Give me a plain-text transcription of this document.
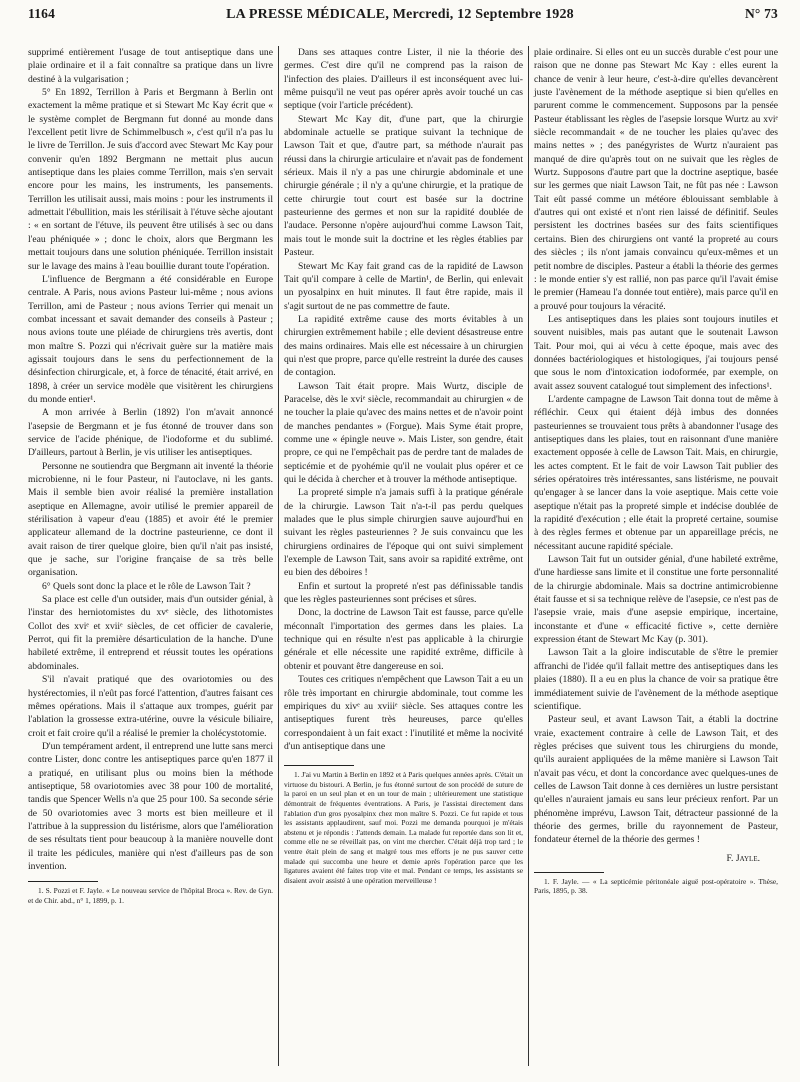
1164	LA PRESSE MÉDICALE, Mercredi, 12 Septembre 1928	N° 73

supprimé entièrement l'usage de tout antiseptique dans une plaie ordinaire et il a fait connaître sa pratique dans un livre destiné à la vulgarisation ;

5° En 1892, Terrillon à Paris et Bergmann à Berlin ont exactement la même pratique et si Stewart Mc Kay écrit que « le système complet de Bergmann fut donné au monde dans l'excellent petit livre de Schimmelbusch », c'est qu'il n'a pas lu le livre de Terrillon. Je suis d'accord avec Stewart Mc Kay pour convenir qu'en 1892 Bergmann ne mettait plus aucun antiseptique dans les plaies comme Terrillon, mais s'en servait encore pour les mains, les instruments, les pansements. Terrillon les utilisait aussi, mais moins : pour les instruments il admettait l'ébullition, mais les stérilisait à l'étuve sèche ajoutant : « en sortant de l'étuve, ils peuvent être utilisés à sec ou dans l'eau phéniquée » ; donc le choix, alors que Bergmann les mettait toujours dans une solution phéniquée. Terrillon insistait sur le lavage des mains à l'eau bouillie durant toute l'opération.

L'influence de Bergmann a été considérable en Europe centrale. A Paris, nous avions Pasteur lui-même ; nous avions Terrillon, ami de Pasteur ; nous avions Terrier qui menait un combat incessant et savait demander des conseils à Pasteur ; nous avions toute une pléiade de chirurgiens très avertis, dont mon maître S. Pozzi qui n'écrivait guère sur la matière mais agissait toujours dans le sens du perfectionnement de la désinfection chirurgicale, et, à force de ténacité, était arrivé, en 1898, à créer un service modèle que visitèrent les chirurgiens du monde entier¹.

A mon arrivée à Berlin (1892) l'on m'avait annoncé l'asepsie de Bergmann et je fus étonné de trouver dans son service de l'acide phénique, de l'iodoforme et du sublimé. D'ailleurs, partout à Berlin, je vis utiliser les antiseptiques.

Personne ne soutiendra que Bergmann ait inventé la théorie microbienne, ni le four Pasteur, ni l'autoclave, ni les gants. Mais il semble bien avoir réalisé la première installation aseptique en Allemagne, avoir utilisé le premier appareil de stérilisation à vapeur d'eau (1885) et avoir été le premier applicateur allemand de la doctrine pasteurienne, ce dont il avait raison de tirer quelque gloire, bien qu'il n'ait pas insisté, que je sache, sur l'origine française de sa très belle organisation.

6° Quels sont donc la place et le rôle de Lawson Tait ?

Sa place est celle d'un outsider, mais d'un outsider génial, à l'instar des herniotomistes du xvᵉ siècle, des lithotomistes Collot des xviᵉ et xviiᵉ siècles, de cet officier de cavalerie, Perrot, qui fit la première désarticulation de la hanche. D'une habileté extrême, il entreprend et réussit toutes les opérations abdominales.

S'il n'avait pratiqué que des ovariotomies ou des hystérectomies, il n'eût pas forcé l'attention, d'autres faisant ces mêmes opérations. Mais il s'attaque aux trompes, guérit par l'ablation la grossesse extra-utérine, ouvre la vésicule biliaire, croit et fait croire qu'il a réalisé le premier la cholécystotomie.

D'un tempérament ardent, il entreprend une lutte sans merci contre Lister, donc contre les antiseptiques parce qu'en 1877 il a pratiqué, en utilisant plus ou moins bien la méthode antiseptique, 58 ovariotomies avec 38 pour 100 de mortalité, tandis que Spencer Wells n'a que 25 pour 100. Sa seconde série de 50 ovariotomies avec 3 morts est bien meilleure et il l'attribue à la suppression du listérisme, alors que l'amélioration de ses résultats tient pour beaucoup à la manière nouvelle dont il traite les pédicules, manière qui n'est d'ailleurs pas de son invention.

1. S. Pozzi et F. Jayle. « Le nouveau service de l'hôpital Broca ». Rev. de Gyn. et de Chir. abd., n° 1, 1899, p. 1.

Dans ses attaques contre Lister, il nie la théorie des germes. C'est dire qu'il ne comprend pas la raison de l'infection des plaies. D'ailleurs il est inconséquent avec lui-même puisqu'il ne veut pas opérer après avoir touché un cas septique (voir l'article précédent).

Stewart Mc Kay dit, d'une part, que la chirurgie abdominale actuelle se pratique suivant la technique de Lawson Tait et que, d'autre part, sa méthode n'aurait pas réussi dans la chirurgie articulaire et n'avait pas de fondement sérieux. Mais il n'y a pas une chirurgie abdominale et une chirurgie générale ; il n'y a qu'une chirurgie, et la pratique de cette chirurgie tout court est basée sur la doctrine pasteurienne des germes et non sur la rapidité doublée de l'audace. Personne n'opère aujourd'hui comme Lawson Tait, mais tout le monde suit la doctrine et les règles établies par Pasteur.

Stewart Mc Kay fait grand cas de la rapidité de Lawson Tait qu'il compare à celle de Martin¹, de Berlin, qui enlevait un pyosalpinx en huit minutes. Il faut être rapide, mais il s'agit surtout de ne pas commettre de faute.

La rapidité extrême cause des morts évitables à un chirurgien extrêmement habile ; elle devient désastreuse entre des mains ordinaires. Mais elle est nécessaire à un chirurgien qui n'est que propre, parce qu'elle restreint la durée des causes de contagion.

Lawson Tait était propre. Mais Wurtz, disciple de Paracelse, dès le xviᵉ siècle, recommandait au chirurgien « de ne toucher la plaie qu'avec des mains nettes et de n'avoir point de manches pendantes » (Forgue). Mais Syme était propre, comme une « épingle neuve ». Mais Lister, son gendre, était propre, ce qui ne l'empêchait pas de perdre tant de malades de septicémie et de pyohémie qu'il ne voulait plus opérer et ce qui le décida à chercher et à trouver la méthode antiseptique.

La propreté simple n'a jamais suffi à la pratique générale de la chirurgie. Lawson Tait n'a-t-il pas perdu quelques malades que le plus simple chirurgien sauve aujourd'hui en suivant les règles pasteuriennes ? Je suis convaincu que les chirurgiens ordinaires de l'époque qui ont suivi simplement l'exemple de Lawson Tait, sans avoir sa rapidité extrême, ont eu bien des déboires !

Enfin et surtout la propreté n'est pas définissable tandis que les règles pasteuriennes sont précises et sûres.

Donc, la doctrine de Lawson Tait est fausse, parce qu'elle méconnaît l'importation des germes dans les plaies. La technique qui en résulte n'est pas applicable à la chirurgie générale et elle nécessite une rapidité extrême, difficile à obtenir et pouvant être dangereuse en soi.

Toutes ces critiques n'empêchent que Lawson Tait a eu un rôle très important en chirurgie abdominale, tout comme les empiriques du xivᵉ au xviiiᵉ siècle. Ses attaques contre les antiseptiques furent très heureuses, parce qu'elles correspondaient à un fait exact : l'inutilité et même la nocivité d'un antiseptique dans une

1. J'ai vu Martin à Berlin en 1892 et à Paris quelques années après. C'était un virtuose du bistouri. A Berlin, je fus étonné surtout de son procédé de suture de la paroi en un seul plan et en un tour de main ; ultérieurement une statistique démontrait de fréquentes éventrations. A Paris, je l'assistai directement dans l'ablation d'un gros pyosalpinx chez mon maître S. Pozzi. Ce fut rapide et tous les assistants applaudirent, sauf moi. Pozzi me demanda pourquoi je m'étais abstenu et je répondis : J'attends demain. La malade fut reportée dans son lit et, comme elle ne se réveillait pas, on vint me chercher. C'était déjà trop tard ; le ventre était plein de sang et malgré tous mes efforts je ne pus sauver cette malade qui succomba une heure et demie après l'opération parce que les ligatures avaient été faites trop vite et mal. Pendant ce temps, les assistants se disaient avoir assisté à une opération merveilleuse !

plaie ordinaire. Si elles ont eu un succès durable c'est pour une raison que ne donne pas Stewart Mc Kay : elles eurent la chance de venir à leur heure, c'est-à-dire qu'elles devancèrent juste l'avènement de la méthode aseptique si bien qu'elles en parurent comme le commencement. Supposons par la pensée Pasteur établissant les règles de l'asepsie lorsque Wurtz au xviᵉ siècle recommandait « de ne toucher les plaies qu'avec des mains nettes » ; des panégyristes de Wurtz n'auraient pas manqué de dire qu'après tout on ne suivait que les règles de Wurtz. Supposons d'autre part que la doctrine aseptique, basée sur les germes que niait Lawson Tait, ne fût pas née : Lawson Tait eût passé comme un météore éblouissant semblable à d'autres qui ont existé et n'ont rien laissé de définitif. Seules persistent les doctrines basées sur des faits scientifiques certains. Bien des chirurgiens ont vanté la propreté au cours des siècles ; ils n'ont jamais convaincu qu'eux-mêmes et un petit nombre de disciples. Pasteur a établi la théorie des germes : le monde entier s'y est rallié, non pas parce qu'il l'avait émise le premier (Hameau l'a donnée tout entière), mais parce qu'il en a prouvé pour toujours la véracité.

Les antiseptiques dans les plaies sont toujours inutiles et souvent nuisibles, mais pas autant que le soutenait Lawson Tait. Pour moi, qui ai vécu à cette époque, mais avec des données bactériologiques et histologiques, j'ai toujours pensé que sous le nom d'intoxication iodoformée, par exemple, on avait assez souvent catalogué tout simplement des infections¹.

L'ardente campagne de Lawson Tait donna tout de même à réfléchir. Ceux qui étaient déjà imbus des données pasteuriennes se trouvaient tous prêts à abandonner l'usage des antiseptiques dans les plaies, tout en raisonnant d'une manière exactement opposée à celle de Lawson Tait. Mais, en chirurgie, les actes comptent. Et le fait de voir Lawson Tait publier des séries opératoires très intéressantes, sans listérisme, ne pouvait qu'engager à se lancer dans la voie aseptique. Mais cette voie aseptique n'était pas la propreté simple et indécise doublée de la rapidité d'exécution ; elle était la propreté certaine, soumise à des règles fermes et obtenue par un appareillage précis, ne nécessitant aucune rapidité spéciale.

Lawson Tait fut un outsider génial, d'une habileté extrême, d'une hardiesse sans limite et il constitue une forte personnalité de la chirurgie abdominale. Mais sa doctrine antimicrobienne était fausse et si sa technique relève de l'asepsie, ce n'est pas de l'asepsie vraie, mais d'une asepsie empirique, incertaine, inconstante et d'une « efficacité fictive », cette dernière expression étant de Stewart Mc Kay (p. 301).

Lawson Tait a la gloire indiscutable de s'être le premier affranchi de l'idée qu'il fallait mettre des antiseptiques dans les plaies (1880). Il a eu en plus la chance de voir sa pratique être immédiatement suivie de l'avènement de la méthode aseptique scientifique.

Pasteur seul, et avant Lawson Tait, a établi la doctrine vraie, exactement contraire à celle de Lawson Tait, et des règles précises que suivent tous les chirurgiens du monde, qu'ils auraient appliquées de la même manière si Lawson Tait n'avait pas vécu, et dont la concordance avec quelques-unes de celles de Lawson Tait donne à ces dernières un lustre persistant qu'elles n'auraient jamais eu sans leur précieux renfort. Par un phénomène imprévu, Lawson Tait, détracteur passionné de la théorie des germes, brille du rayonnement de Pasteur, fondateur éternel de la théorie des germes !

F. Jayle.

1. F. Jayle. — « La septicémie péritonéale aiguë post-opératoire ». Thèse, Paris, 1895, p. 38.
